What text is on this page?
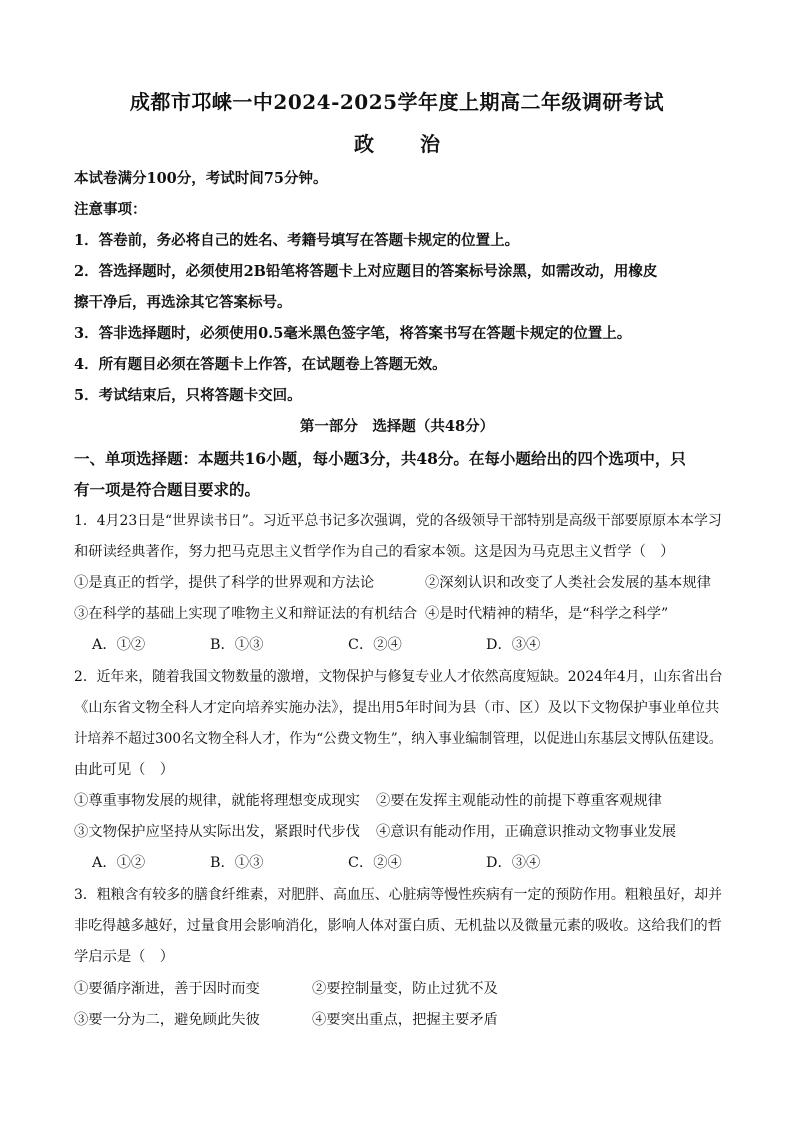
成都市邛崃一中2024-2025学年度上期高二年级调研考试
政 治
本试卷满分100分，考试时间75分钟。
注意事项：
1．答卷前，务必将自己的姓名、考籍号填写在答题卡规定的位置上。
2．答选择题时，必须使用2B铅笔将答题卡上对应题目的答案标号涂黑，如需改动，用橡皮
擦干净后，再选涂其它答案标号。
3．答非选择题时，必须使用0.5毫米黑色签字笔，将答案书写在答题卡规定的位置上。
4．所有题目必须在答题卡上作答，在试题卷上答题无效。
5．考试结束后，只将答题卡交回。
第一部分　选择题（共48分）
一、单项选择题：本题共16小题，每小题3分，共48分。在每小题给出的四个选项中，只
有一项是符合题目要求的。
1．4月23日是“世界读书日”。习近平总书记多次强调，党的各级领导干部特别是高级干部要原原本本学习
和研读经典著作，努力把马克思主义哲学作为自己的看家本领。这是因为马克思主义哲学（　）
①是真正的哲学，提供了科学的世界观和方法论	②深刻认识和改变了人类社会发展的基本规律
③在科学的基础上实现了唯物主义和辩证法的有机结合 ④是时代精神的精华，是“科学之科学”
A．①②	B．①③	C．②④	D．③④
2．近年来，随着我国文物数量的激增，文物保护与修复专业人才依然高度短缺。2024年4月，山东省出台
《山东省文物全科人才定向培养实施办法》，提出用5年时间为县（市、区）及以下文物保护事业单位共
计培养不超过300名文物全科人才，作为“公费文物生”，纳入事业编制管理，以促进山东基层文博队伍建设。
由此可见（　）
①尊重事物发展的规律，就能将理想变成现实 ②要在发挥主观能动性的前提下尊重客观规律
③文物保护应坚持从实际出发，紧跟时代步伐 ④意识有能动作用，正确意识推动文物事业发展
A．①②	B．①③	C．②④	D．③④
3．粗粮含有较多的膳食纤维素，对肥胖、高血压、心脏病等慢性疾病有一定的预防作用。粗粮虽好，却并
非吃得越多越好，过量食用会影响消化，影响人体对蛋白质、无机盐以及微量元素的吸收。这给我们的哲
学启示是（　）
①要循序渐进，善于因时而变	②要控制量变，防止过犹不及
③要一分为二，避免顾此失彼	④要突出重点，把握主要矛盾
